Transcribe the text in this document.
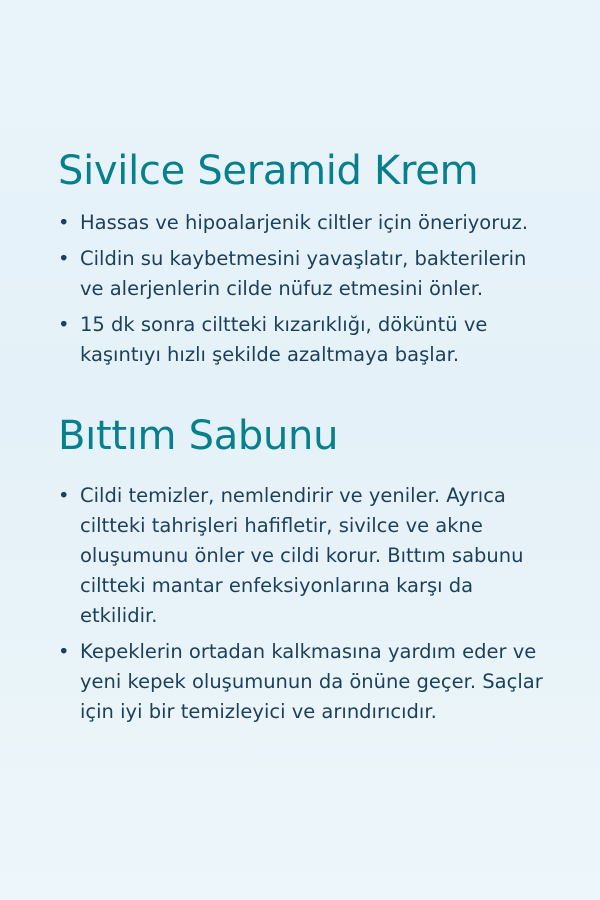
Sivilce Seramid Krem
• Hassas ve hipoalarjenik ciltler için öneriyoruz.
• Cildin su kaybetmesini yavaşlatır, bakterilerin ve alerjenlerin cilde nüfuz etmesini önler.
• 15 dk sonra ciltteki kızarıklığı, döküntü ve kaşıntıyı hızlı şekilde azaltmaya başlar.
Bıttım Sabunu
• Cildi temizler, nemlendirir ve yeniler. Ayrıca ciltteki tahrişleri hafifletir, sivilce ve akne oluşumunu önler ve cildi korur. Bıttım sabunu ciltteki mantar enfeksiyonlarına karşı da etkilidir.
• Kepeklerin ortadan kalkmasına yardım eder ve yeni kepek oluşumunun da önüne geçer. Saçlar için iyi bir temizleyici ve arındırıcıdır.
